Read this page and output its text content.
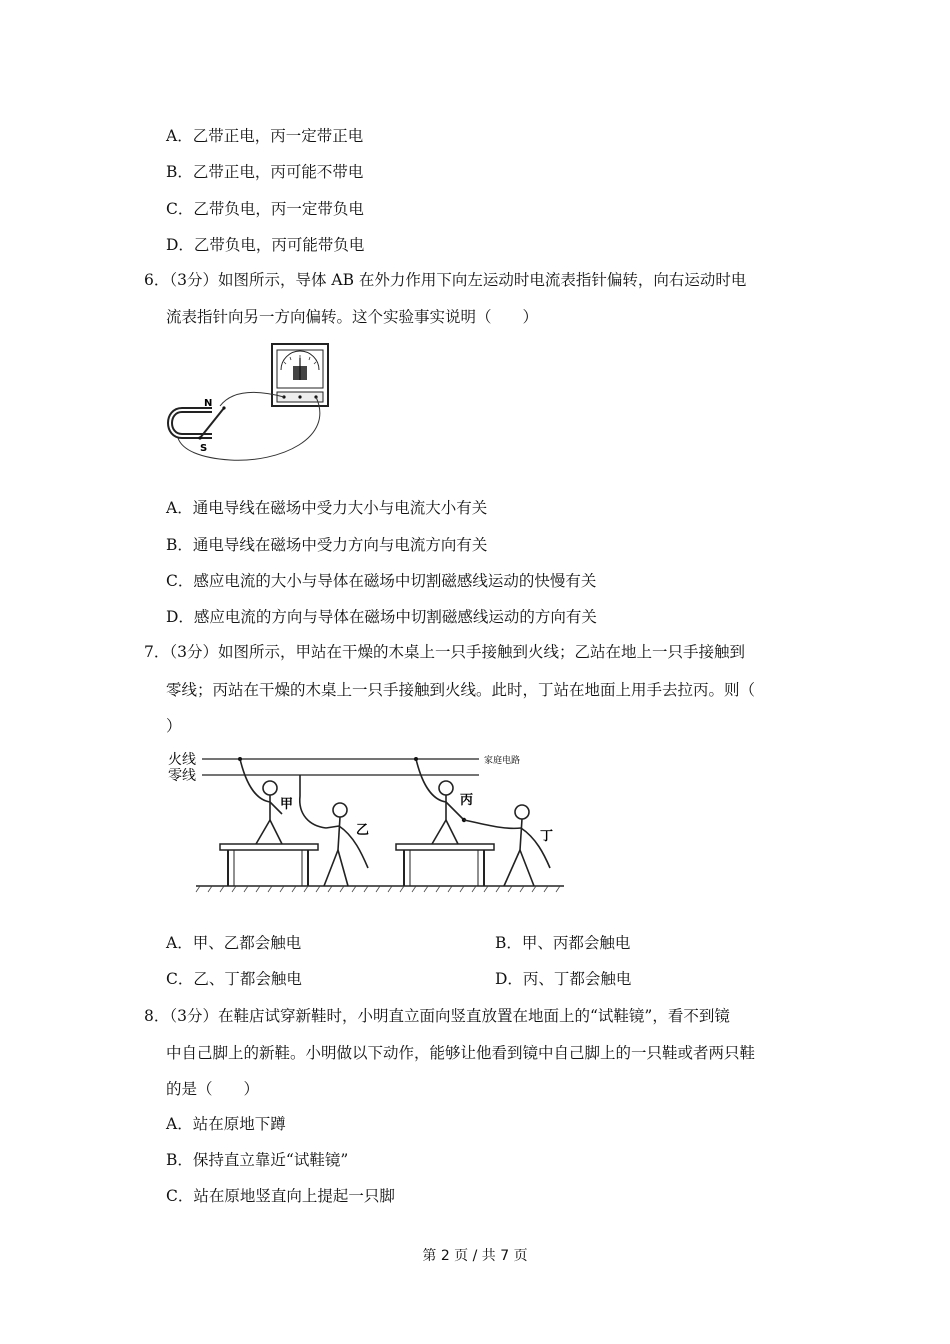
A．乙带正电，丙一定带正电
B．乙带正电，丙可能不带电
C．乙带负电，丙一定带负电
D．乙带负电，丙可能带负电
6．（3分）如图所示，导体 AB 在外力作用下向左运动时电流表指针偏转，向右运动时电
流表指针向另一方向偏转。这个实验事实说明（　　）
N
S
A．通电导线在磁场中受力大小与电流大小有关
B．通电导线在磁场中受力方向与电流方向有关
C．感应电流的大小与导体在磁场中切割磁感线运动的快慢有关
D．感应电流的方向与导体在磁场中切割磁感线运动的方向有关
7．（3分）如图所示，甲站在干燥的木桌上一只手接触到火线；乙站在地上一只手接触到
零线；丙站在干燥的木桌上一只手接触到火线。此时，丁站在地面上用手去拉丙。则（
）
火线
零线
家庭电路
甲
乙
丙
丁
A．甲、乙都会触电	B．甲、丙都会触电
C．乙、丁都会触电	D．丙、丁都会触电
8．（3分）在鞋店试穿新鞋时，小明直立面向竖直放置在地面上的“试鞋镜”，看不到镜
中自己脚上的新鞋。小明做以下动作，能够让他看到镜中自己脚上的一只鞋或者两只鞋
的是（　　）
A．站在原地下蹲
B．保持直立靠近“试鞋镜”
C．站在原地竖直向上提起一只脚
第 2 页 / 共 7 页
